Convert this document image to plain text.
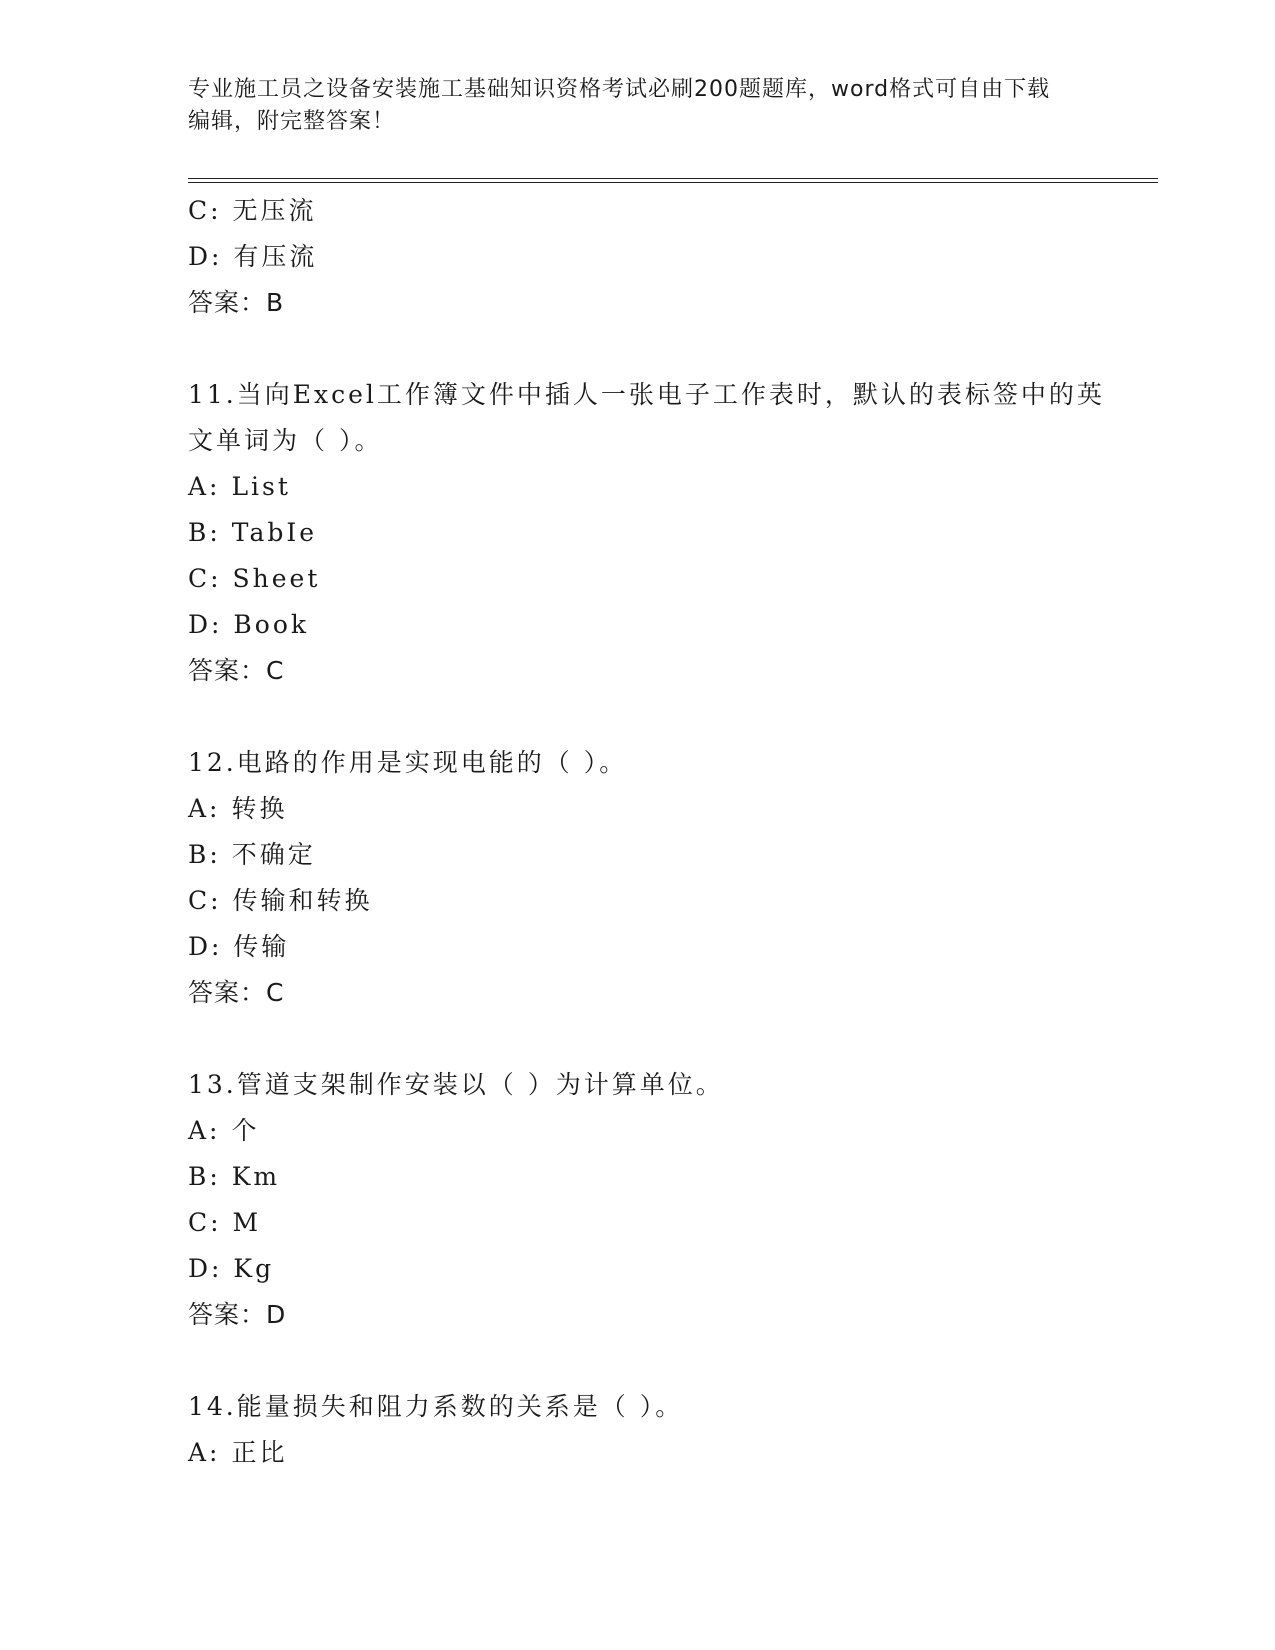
专业施工员之设备安装施工基础知识资格考试必刷200题题库，word格式可自由下载编辑，附完整答案！
C: 无压流
D: 有压流
答案：B
11.当向Excel工作簿文件中插人一张电子工作表时，默认的表标签中的英文单词为（ ）。
A: List
B: TabIe
C: Sheet
D: Book
答案：C
12.电路的作用是实现电能的（ ）。
A: 转换
B: 不确定
C: 传输和转换
D: 传输
答案：C
13.管道支架制作安装以（ ）为计算单位。
A: 个
B: Km
C: M
D: Kg
答案：D
14.能量损失和阻力系数的关系是（ ）。
A: 正比
